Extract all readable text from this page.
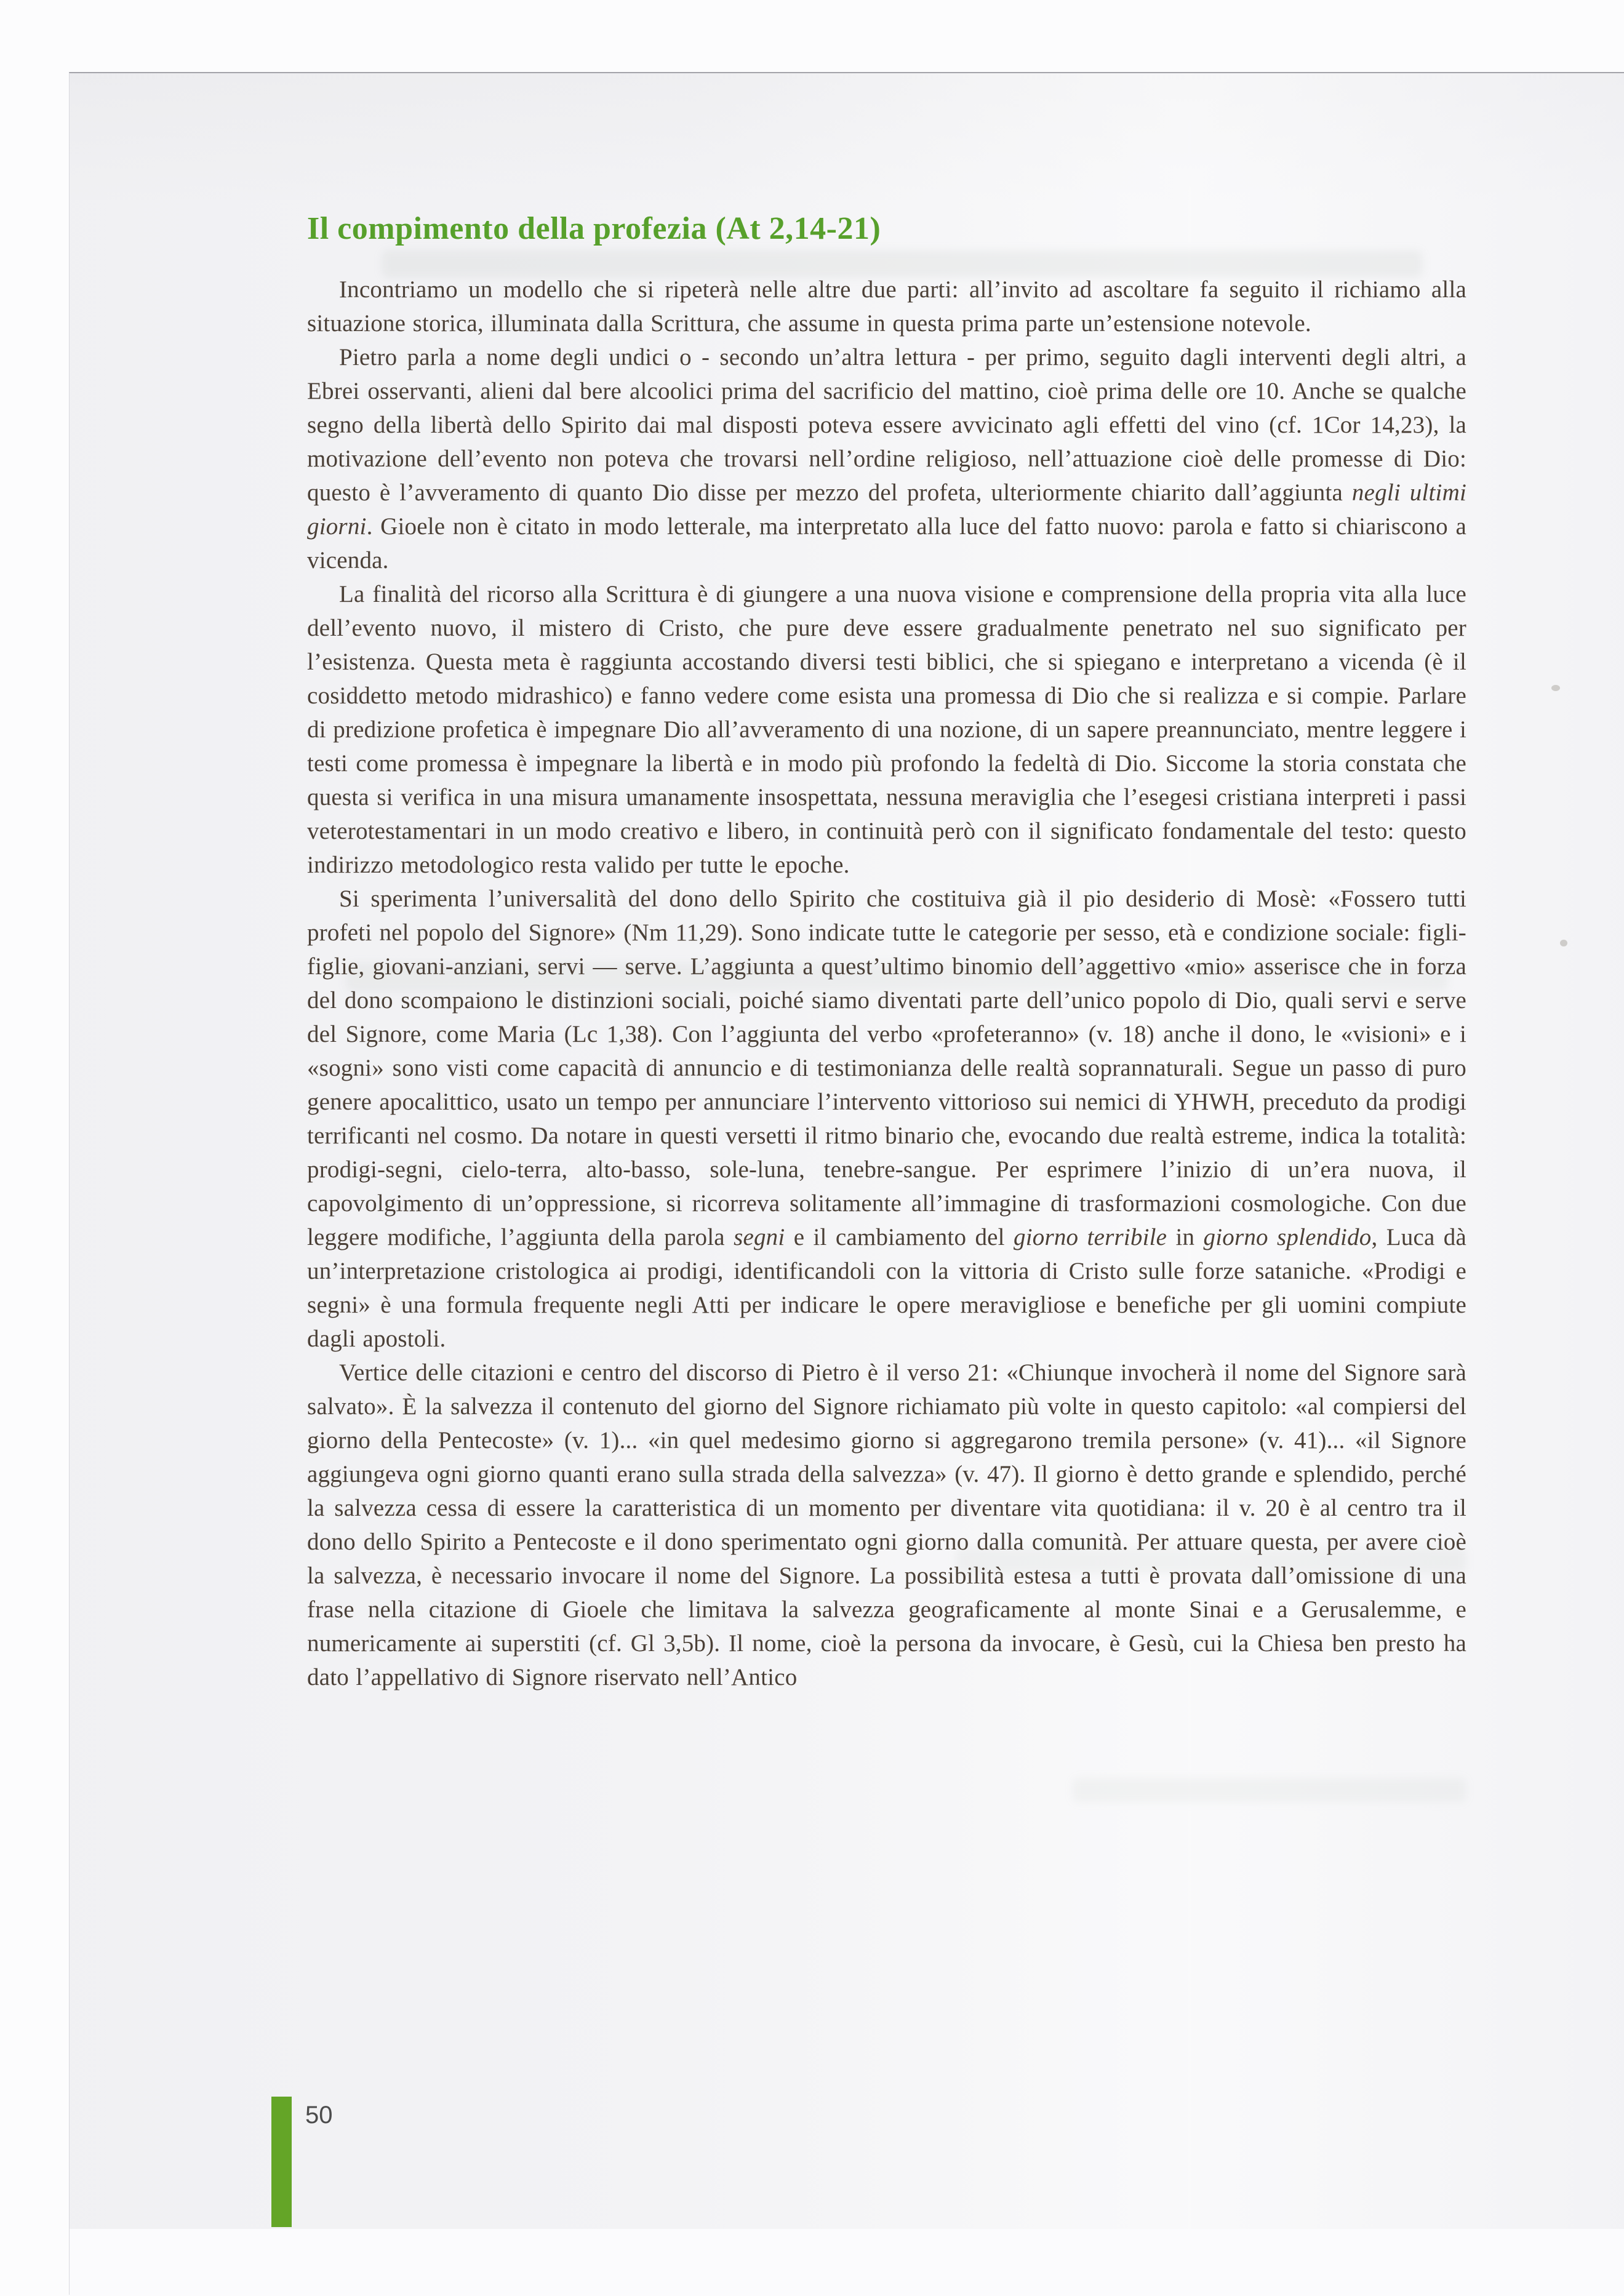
Il compimento della profezia (At 2,14-21)

Incontriamo un modello che si ripeterà nelle altre due parti: all’invito ad ascoltare fa seguito il richiamo alla situazione storica, illuminata dalla Scrittura, che assume in questa prima parte un’estensione notevole.

Pietro parla a nome degli undici o - secondo un’altra lettura - per primo, seguito dagli interventi degli altri, a Ebrei osservanti, alieni dal bere alcoolici prima del sacrificio del mattino, cioè prima delle ore 10. Anche se qualche segno della libertà dello Spirito dai mal disposti poteva essere avvicinato agli effetti del vino (cf. 1Cor 14,23), la motivazione dell’evento non poteva che trovarsi nell’ordine religioso, nell’attuazione cioè delle promesse di Dio: questo è l’avveramento di quanto Dio disse per mezzo del profeta, ulteriormente chiarito dall’aggiunta negli ultimi giorni. Gioele non è citato in modo letterale, ma interpretato alla luce del fatto nuovo: parola e fatto si chiariscono a vicenda.

La finalità del ricorso alla Scrittura è di giungere a una nuova visione e comprensione della propria vita alla luce dell’evento nuovo, il mistero di Cristo, che pure deve essere gradualmente penetrato nel suo significato per l’esistenza. Questa meta è raggiunta accostando diversi testi biblici, che si spiegano e interpretano a vicenda (è il cosiddetto metodo midrashico) e fanno vedere come esista una promessa di Dio che si realizza e si compie. Parlare di predizione profetica è impegnare Dio all’avveramento di una nozione, di un sapere preannunciato, mentre leggere i testi come promessa è impegnare la libertà e in modo più profondo la fedeltà di Dio. Siccome la storia constata che questa si verifica in una misura umanamente insospettata, nessuna meraviglia che l’esegesi cristiana interpreti i passi veterotestamentari in un modo creativo e libero, in continuità però con il significato fondamentale del testo: questo indirizzo metodologico resta valido per tutte le epoche.

Si sperimenta l’universalità del dono dello Spirito che costituiva già il pio desiderio di Mosè: «Fossero tutti profeti nel popolo del Signore» (Nm 11,29). Sono indicate tutte le categorie per sesso, età e condizione sociale: figli-figlie, giovani-anziani, servi — serve. L’aggiunta a quest’ultimo binomio dell’aggettivo «mio» asserisce che in forza del dono scompaiono le distinzioni sociali, poiché siamo diventati parte dell’unico popolo di Dio, quali servi e serve del Signore, come Maria (Lc 1,38). Con l’aggiunta del verbo «profeteranno» (v. 18) anche il dono, le «visioni» e i «sogni» sono visti come capacità di annuncio e di testimonianza delle realtà soprannaturali. Segue un passo di puro genere apocalittico, usato un tempo per annunciare l’intervento vittorioso sui nemici di YHWH, preceduto da prodigi terrificanti nel cosmo. Da notare in questi versetti il ritmo binario che, evocando due realtà estreme, indica la totalità: prodigi-segni, cielo-terra, alto-basso, sole-luna, tenebre-sangue. Per esprimere l’inizio di un’era nuova, il capovolgimento di un’oppressione, si ricorreva solitamente all’immagine di trasformazioni cosmologiche. Con due leggere modifiche, l’aggiunta della parola segni e il cambiamento del giorno terribile in giorno splendido, Luca dà un’interpretazione cristologica ai prodigi, identificandoli con la vittoria di Cristo sulle forze sataniche. «Prodigi e segni» è una formula frequente negli Atti per indicare le opere meravigliose e benefiche per gli uomini compiute dagli apostoli.

Vertice delle citazioni e centro del discorso di Pietro è il verso 21: «Chiunque invocherà il nome del Signore sarà salvato». È la salvezza il contenuto del giorno del Signore richiamato più volte in questo capitolo: «al compiersi del giorno della Pentecoste» (v. 1)... «in quel medesimo giorno si aggregarono tremila persone» (v. 41)... «il Signore aggiungeva ogni giorno quanti erano sulla strada della salvezza» (v. 47). Il giorno è detto grande e splendido, perché la salvezza cessa di essere la caratteristica di un momento per diventare vita quotidiana: il v. 20 è al centro tra il dono dello Spirito a Pentecoste e il dono sperimentato ogni giorno dalla comunità. Per attuare questa, per avere cioè la salvezza, è necessario invocare il nome del Signore. La possibilità estesa a tutti è provata dall’omissione di una frase nella citazione di Gioele che limitava la salvezza geograficamente al monte Sinai e a Gerusalemme, e numericamente ai superstiti (cf. Gl 3,5b). Il nome, cioè la persona da invocare, è Gesù, cui la Chiesa ben presto ha dato l’appellativo di Signore riservato nell’Antico

50
